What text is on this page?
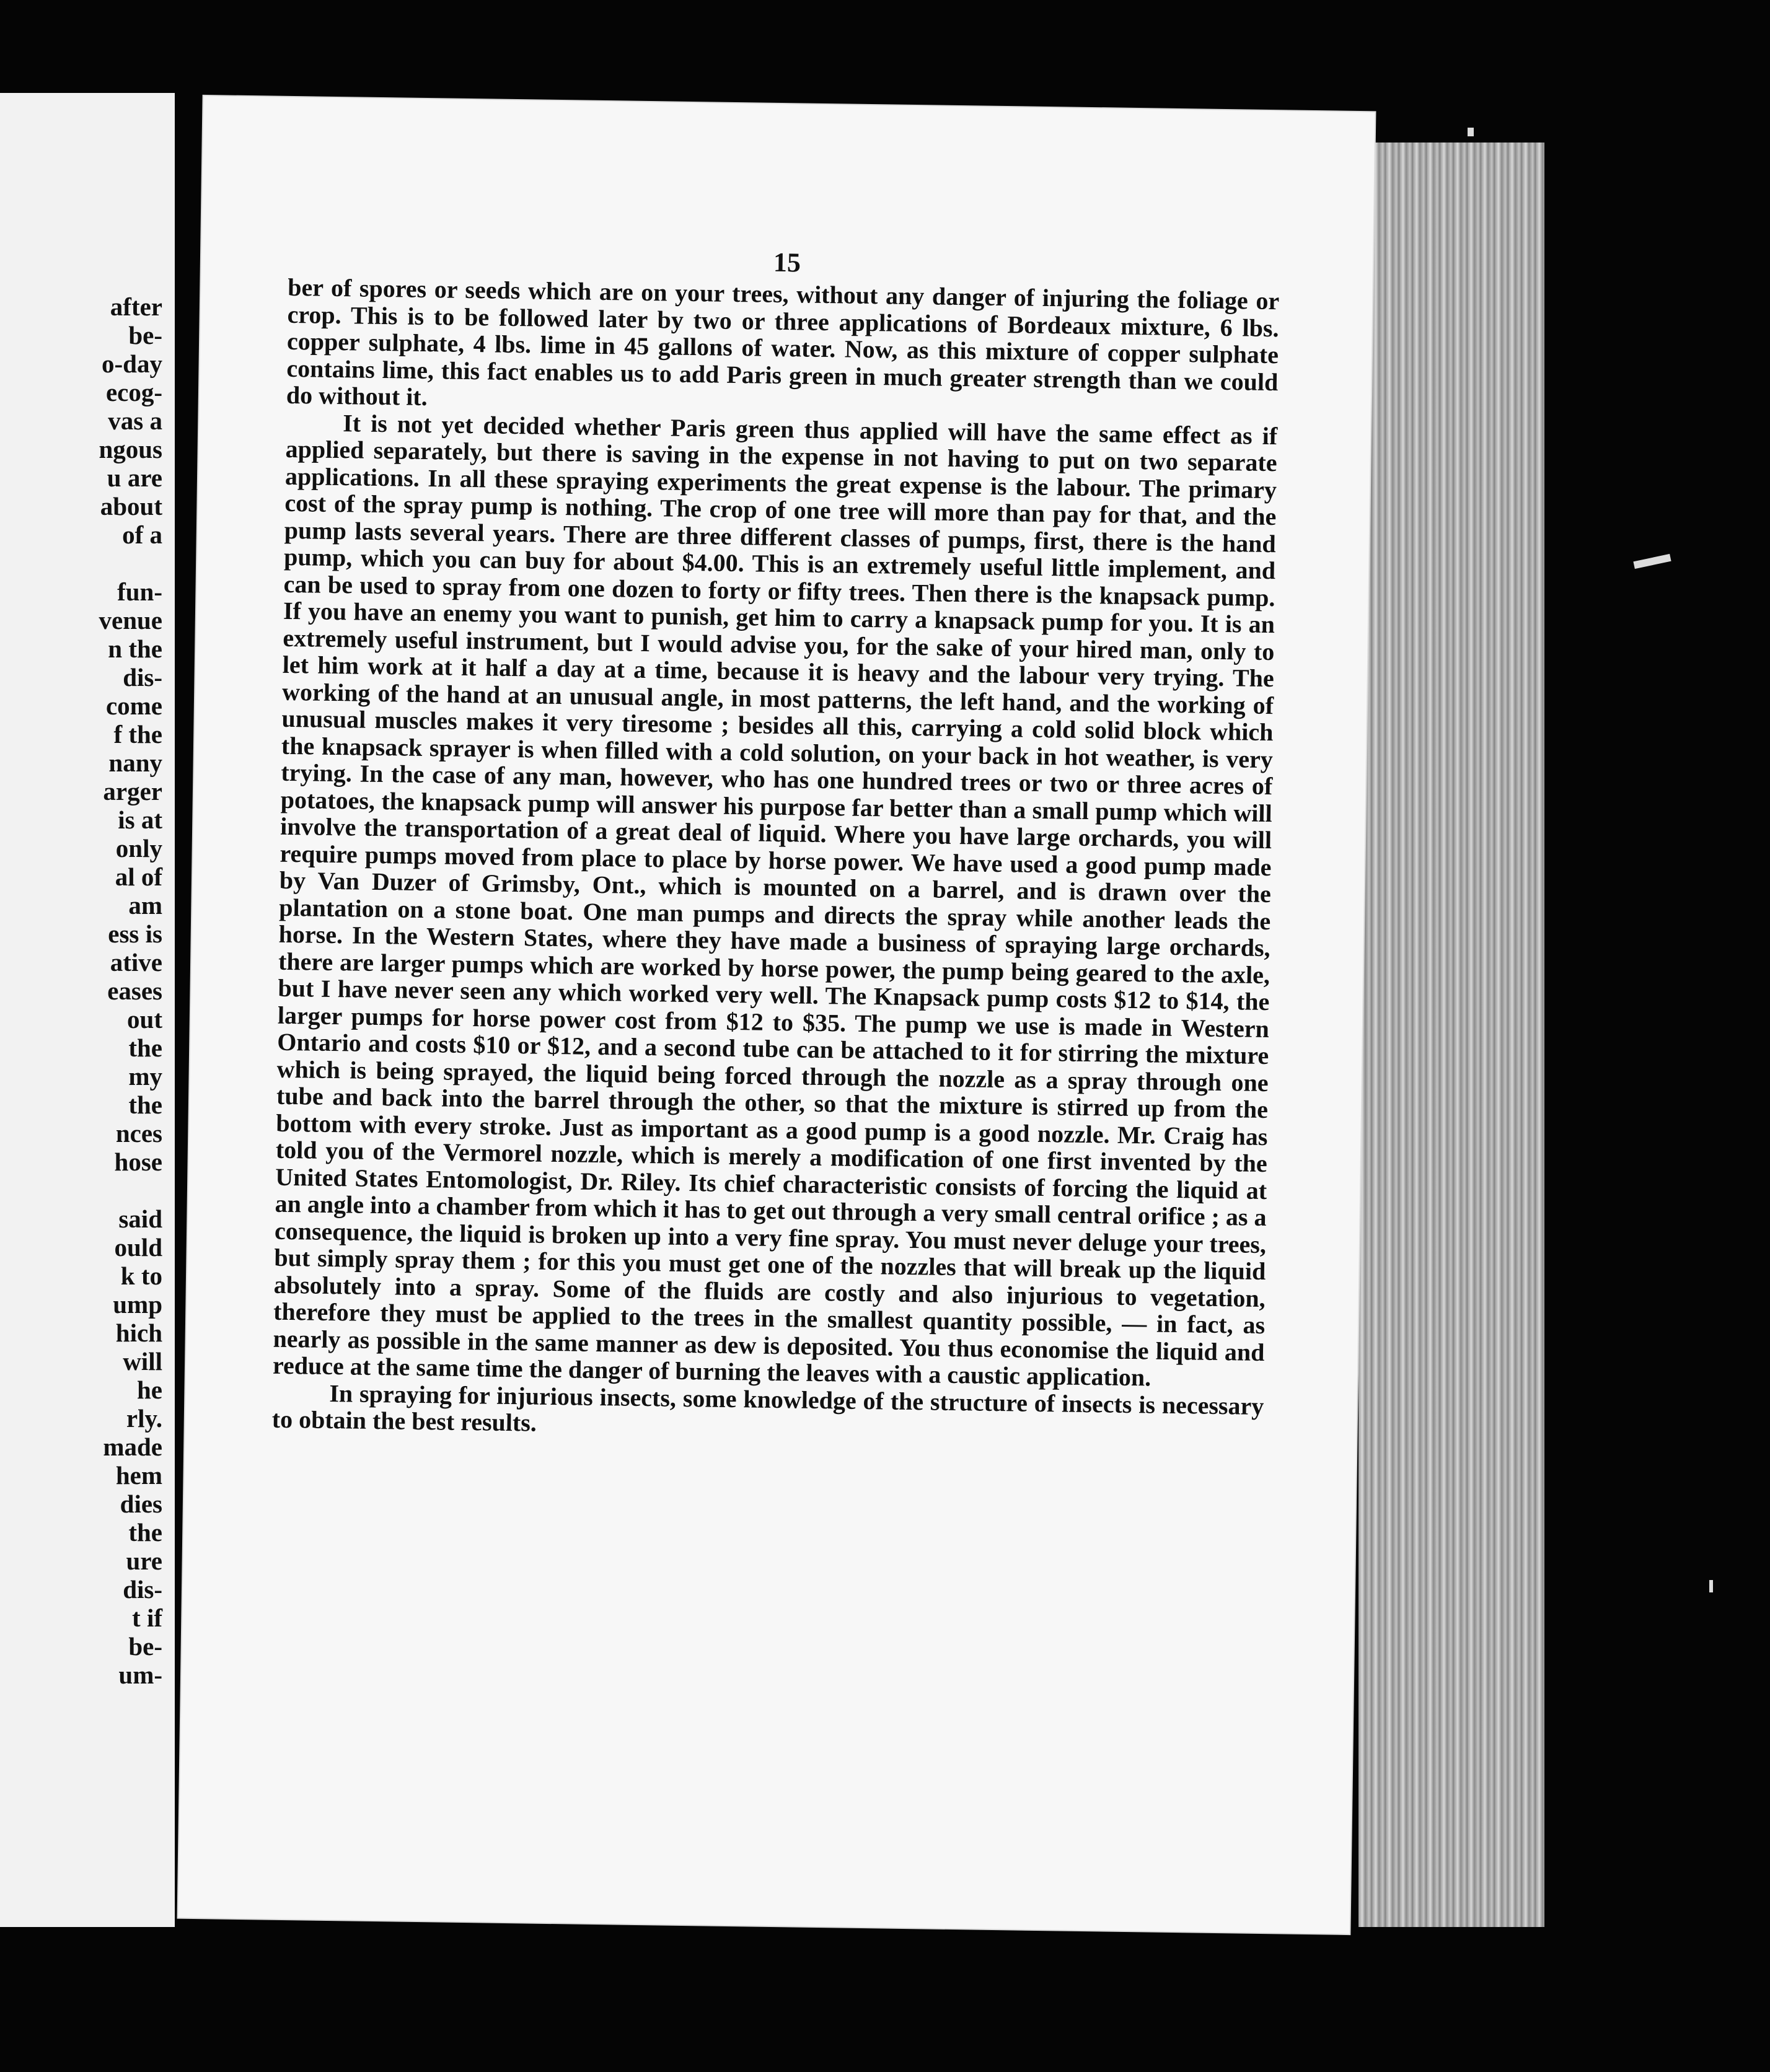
after
be-
o-day
ecog-
vas a
ngous
u are
about
of a
fun-
venue
n the
dis-
come
f the
nany
arger
is at
only
al of
am
ess is
ative
eases
out
the
my
the
nces
hose
said
ould
k to
ump
hich
will
he
rly.
made
hem
dies
the
ure
dis-
t if
be-
um-
15

ber of spores or seeds which are on your trees, without any danger of injuring the foliage or crop. This is to be followed later by two or three applications of Bordeaux mixture, 6 lbs. copper sulphate, 4 lbs. lime in 45 gallons of water. Now, as this mixture of copper sulphate contains lime, this fact enables us to add Paris green in much greater strength than we could do without it.

It is not yet decided whether Paris green thus applied will have the same effect as if applied separately, but there is saving in the expense in not having to put on two separate applications. In all these spraying experiments the great expense is the labour. The primary cost of the spray pump is nothing. The crop of one tree will more than pay for that, and the pump lasts several years. There are three different classes of pumps, first, there is the hand pump, which you can buy for about $4.00. This is an extremely useful little implement, and can be used to spray from one dozen to forty or fifty trees. Then there is the knapsack pump. If you have an enemy you want to punish, get him to carry a knapsack pump for you. It is an extremely useful instrument, but I would advise you, for the sake of your hired man, only to let him work at it half a day at a time, because it is heavy and the labour very trying. The working of the hand at an unusual angle, in most patterns, the left hand, and the working of unusual muscles makes it very tiresome ; besides all this, carrying a cold solid block which the knapsack sprayer is when filled with a cold solution, on your back in hot weather, is very trying. In the case of any man, however, who has one hundred trees or two or three acres of potatoes, the knapsack pump will answer his purpose far better than a small pump which will involve the transportation of a great deal of liquid. Where you have large orchards, you will require pumps moved from place to place by horse power. We have used a good pump made by Van Duzer of Grimsby, Ont., which is mounted on a barrel, and is drawn over the plantation on a stone boat. One man pumps and directs the spray while another leads the horse. In the Western States, where they have made a business of spraying large orchards, there are larger pumps which are worked by horse power, the pump being geared to the axle, but I have never seen any which worked very well. The Knapsack pump costs $12 to $14, the larger pumps for horse power cost from $12 to $35. The pump we use is made in Western Ontario and costs $10 or $12, and a second tube can be attached to it for stirring the mixture which is being sprayed, the liquid being forced through the nozzle as a spray through one tube and back into the barrel through the other, so that the mixture is stirred up from the bottom with every stroke. Just as important as a good pump is a good nozzle. Mr. Craig has told you of the Vermorel nozzle, which is merely a modification of one first invented by the United States Entomologist, Dr. Riley. Its chief characteristic consists of forcing the liquid at an angle into a chamber from which it has to get out through a very small central orifice ; as a consequence, the liquid is broken up into a very fine spray. You must never deluge your trees, but simply spray them ; for this you must get one of the nozzles that will break up the liquid absolutely into a spray. Some of the fluids are costly and also injurious to vegetation, therefore they must be applied to the trees in the smallest quantity possible, — in fact, as nearly as possible in the same manner as dew is deposited. You thus economise the liquid and reduce at the same time the danger of burning the leaves with a caustic application.

In spraying for injurious insects, some knowledge of the structure of insects is necessary to obtain the best results.
